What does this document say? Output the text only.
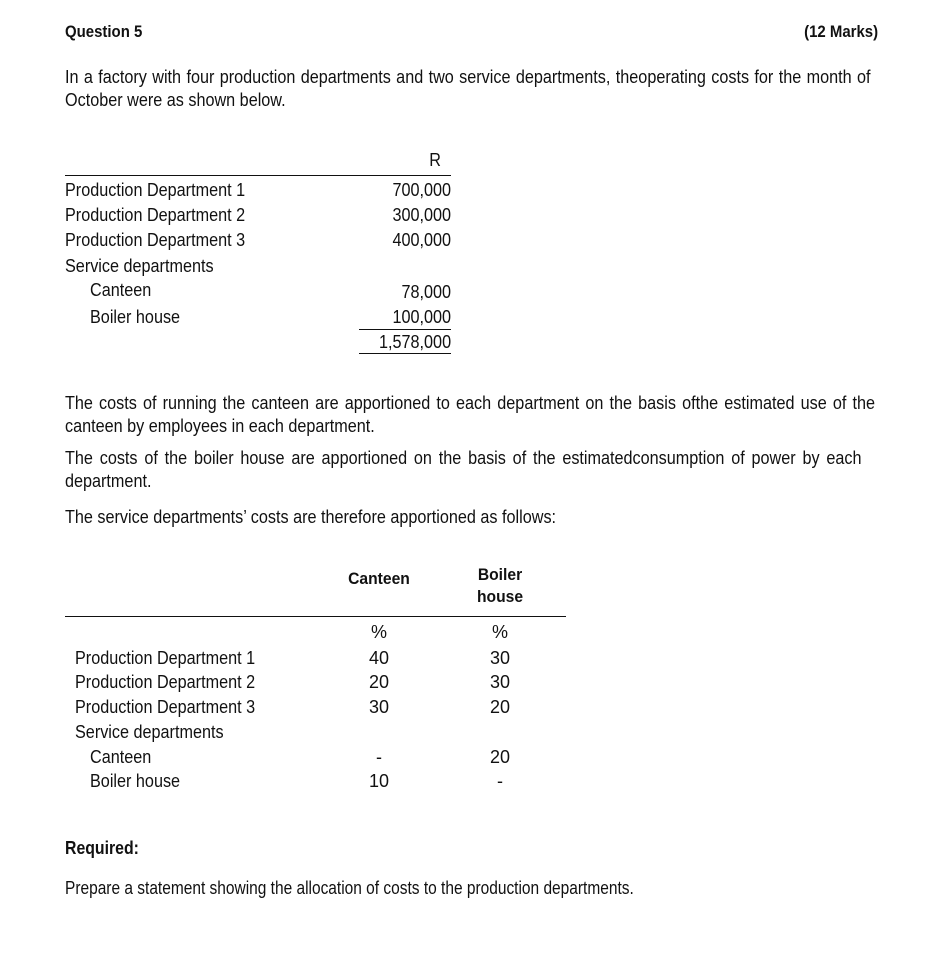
Question 5	(12 Marks)
In a factory with four production departments and two service departments, theoperating costs for the month of October were as shown below.
R
Production Department 1	700,000
Production Department 2	300,000
Production Department 3	400,000
Service departments
Canteen	78,000
Boiler house	100,000
1,578,000
The costs of running the canteen are apportioned to each department on the basis ofthe estimated use of the canteen by employees in each department.
The costs of the boiler house are apportioned on the basis of the estimatedconsumption of power by each department.
The service departments’ costs are therefore apportioned as follows:
Canteen	Boiler
house
%	%
Production Department 1	40	30
Production Department 2	20	30
Production Department 3	30	20
Service departments
Canteen	-	20
Boiler house	10	-
Required:
Prepare a statement showing the allocation of costs to the production departments.
